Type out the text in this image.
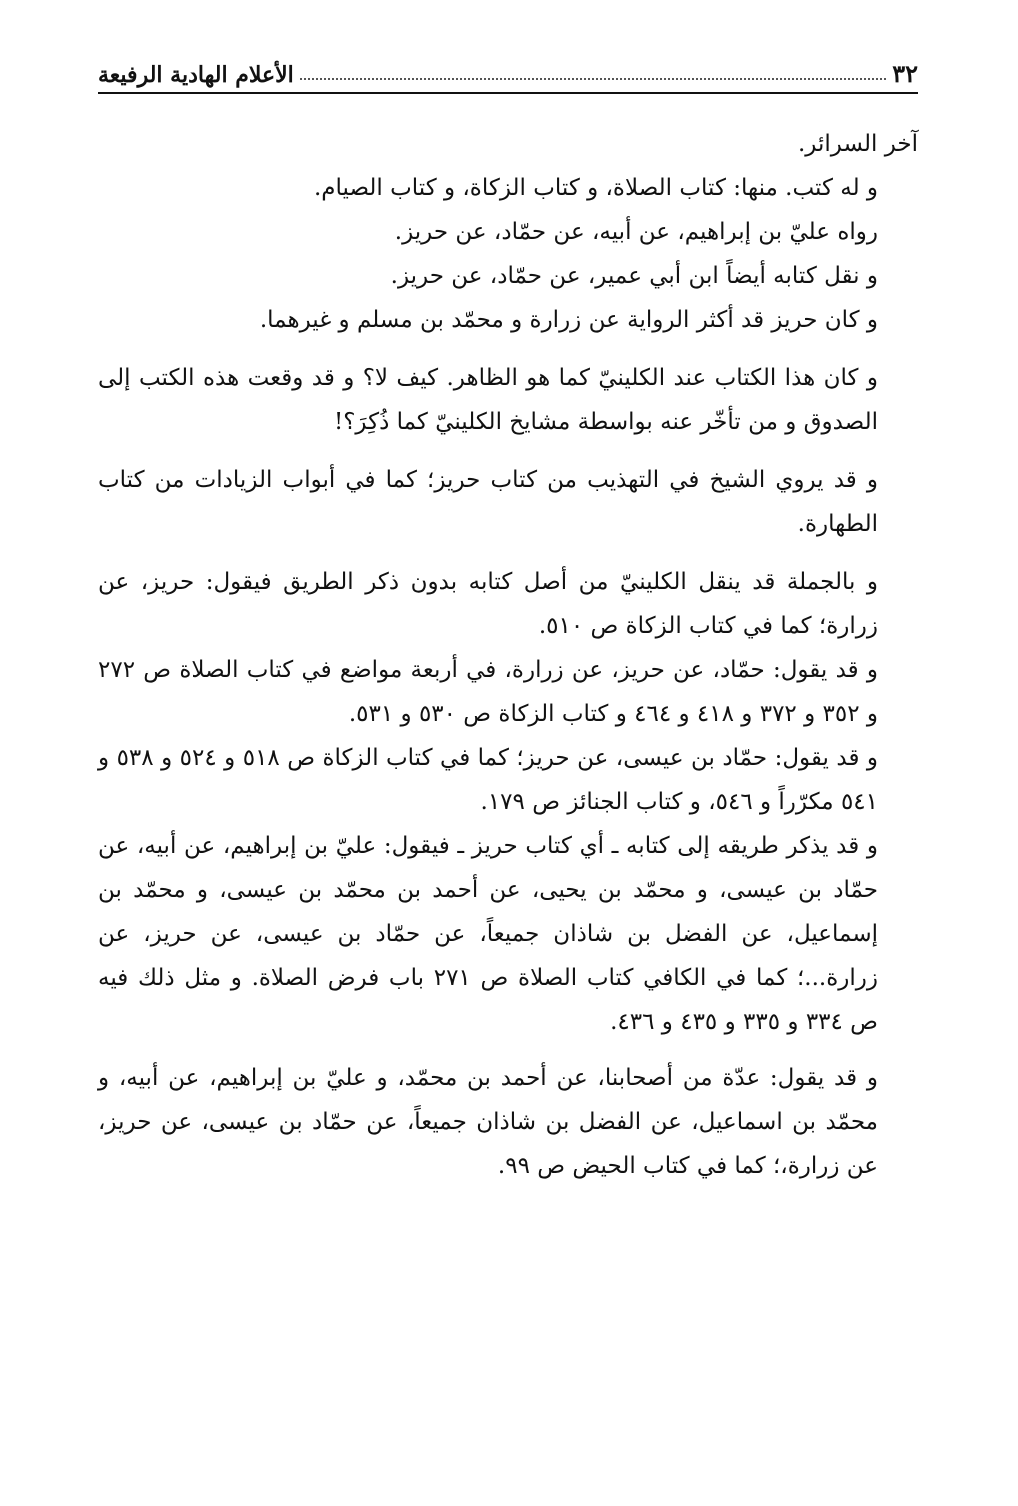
٣٢
الأعلام الهادية الرفيعة

آخر السرائر.

و له كتب. منها: كتاب الصلاة، و كتاب الزكاة، و كتاب الصيام.

رواه عليّ بن إبراهيم، عن أبيه، عن حمّاد، عن حريز.

و نقل كتابه أيضاً ابن أبي عمير، عن حمّاد، عن حريز.

و كان حريز قد أكثر الرواية عن زرارة و محمّد بن مسلم و غيرهما.

و كان هذا الكتاب عند الكلينيّ كما هو الظاهر. كيف لا؟ و قد وقعت هذه الكتب إلى الصدوق و من تأخّر عنه بواسطة مشايخ الكلينيّ كما ذُكِرَ؟!

و قد يروي الشيخ في التهذيب من كتاب حريز؛ كما في أبواب الزيادات من كتاب الطهارة.

و بالجملة قد ينقل الكلينيّ من أصل كتابه بدون ذكر الطريق فيقول: حريز، عن زرارة؛ كما في كتاب الزكاة ص ٥١٠.

و قد يقول: حمّاد، عن حريز، عن زرارة، في أربعة مواضع في كتاب الصلاة ص ٢٧٢ و ٣٥٢ و ٣٧٢ و ٤١٨ و ٤٦٤ و كتاب الزكاة ص ٥٣٠ و ٥٣١.

و قد يقول: حمّاد بن عيسى، عن حريز؛ كما في كتاب الزكاة ص ٥١٨ و ٥٢٤ و ٥٣٨ و ٥٤١ مكرّراً و ٥٤٦، و كتاب الجنائز ص ١٧٩.

و قد يذكر طريقه إلى كتابه ـ أي كتاب حريز ـ فيقول: عليّ بن إبراهيم، عن أبيه، عن حمّاد بن عيسى، و محمّد بن يحيى، عن أحمد بن محمّد بن عيسى، و محمّد بن إسماعيل، عن الفضل بن شاذان جميعاً، عن حمّاد بن عيسى، عن حريز، عن زرارة...؛ كما في الكافي كتاب الصلاة ص ٢٧١ باب فرض الصلاة. و مثل ذلك فيه ص ٣٣٤ و ٣٣٥ و ٤٣٥ و ٤٣٦.

و قد يقول: عدّة من أصحابنا، عن أحمد بن محمّد، و عليّ بن إبراهيم، عن أبيه، و محمّد بن اسماعيل، عن الفضل بن شاذان جميعاً، عن حمّاد بن عيسى، عن حريز، عن زرارة،؛ كما في كتاب الحيض ص ٩٩.
